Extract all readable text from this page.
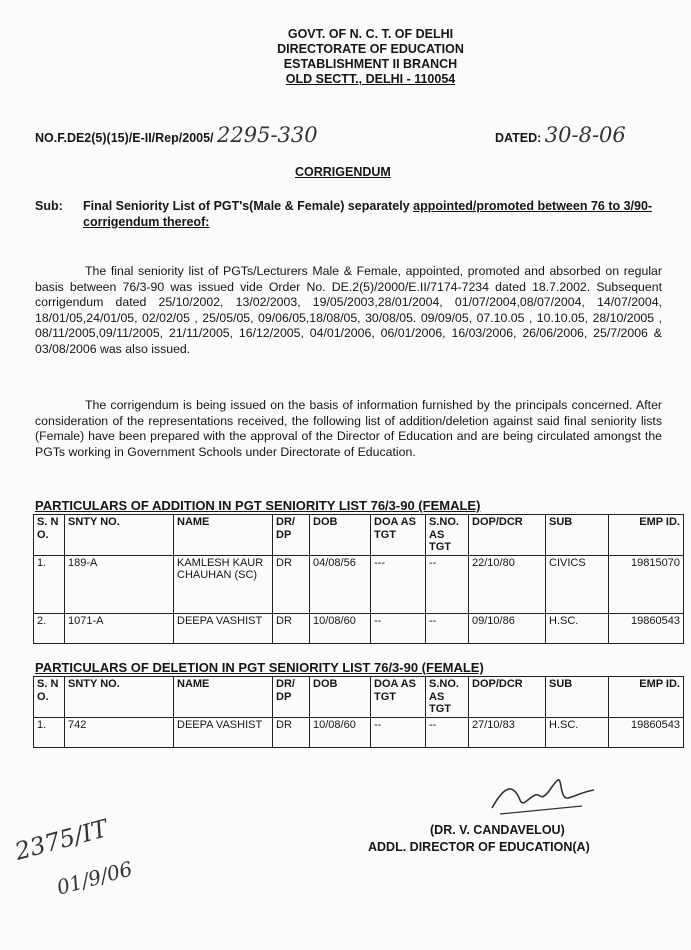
GOVT. OF N. C. T. OF DELHI
DIRECTORATE OF EDUCATION
ESTABLISHMENT II BRANCH
OLD SECTT., DELHI - 110054
NO.F.DE2(5)(15)/E-II/Rep/2005/ 2295-330	DATED: 30-8-06
CORRIGENDUM
Sub: Final Seniority List of PGT's(Male & Female) separately appointed/promoted between 76 to 3/90- corrigendum thereof:
The final seniority list of PGTs/Lecturers Male & Female, appointed, promoted and absorbed on regular basis between 76/3-90 was issued vide Order No. DE.2(5)/2000/E.II/7174-7234 dated 18.7.2002. Subsequent corrigendum dated 25/10/2002, 13/02/2003, 19/05/2003,28/01/2004, 01/07/2004,08/07/2004, 14/07/2004, 18/01/05,24/01/05, 02/02/05 , 25/05/05, 09/06/05,18/08/05, 30/08/05. 09/09/05, 07.10.05 , 10.10.05, 28/10/2005 , 08/11/2005,09/11/2005, 21/11/2005, 16/12/2005, 04/01/2006, 06/01/2006, 16/03/2006, 26/06/2006, 25/7/2006 & 03/08/2006 was also issued.
The corrigendum is being issued on the basis of information furnished by the principals concerned. After consideration of the representations received, the following list of addition/deletion against said final seniority lists (Female) have been prepared with the approval of the Director of Education and are being circulated amongst the PGTs working in Government Schools under Directorate of Education.
PARTICULARS OF ADDITION IN PGT SENIORITY LIST 76/3-90 (FEMALE)
S. N O.	SNTY NO.	NAME	DR/ DP	DOB	DOA AS TGT	S.NO. AS TGT	DOP/DCR	SUB	EMP ID.
1.	189-A	KAMLESH KAUR CHAUHAN (SC)	DR	04/08/56	---	--	22/10/80	CIVICS	19815070
2.	1071-A	DEEPA VASHIST	DR	10/08/60	--	--	09/10/86	H.SC.	19860543
PARTICULARS OF DELETION IN PGT SENIORITY LIST 76/3-90 (FEMALE)
S. N O.	SNTY NO.	NAME	DR/ DP	DOB	DOA AS TGT	S.NO. AS TGT	DOP/DCR	SUB	EMP ID.
1.	742	DEEPA VASHIST	DR	10/08/60	--	--	27/10/83	H.SC.	19860543
(DR. V. CANDAVELOU)
ADDL. DIRECTOR OF EDUCATION(A)
2375/IT
01/9/06
